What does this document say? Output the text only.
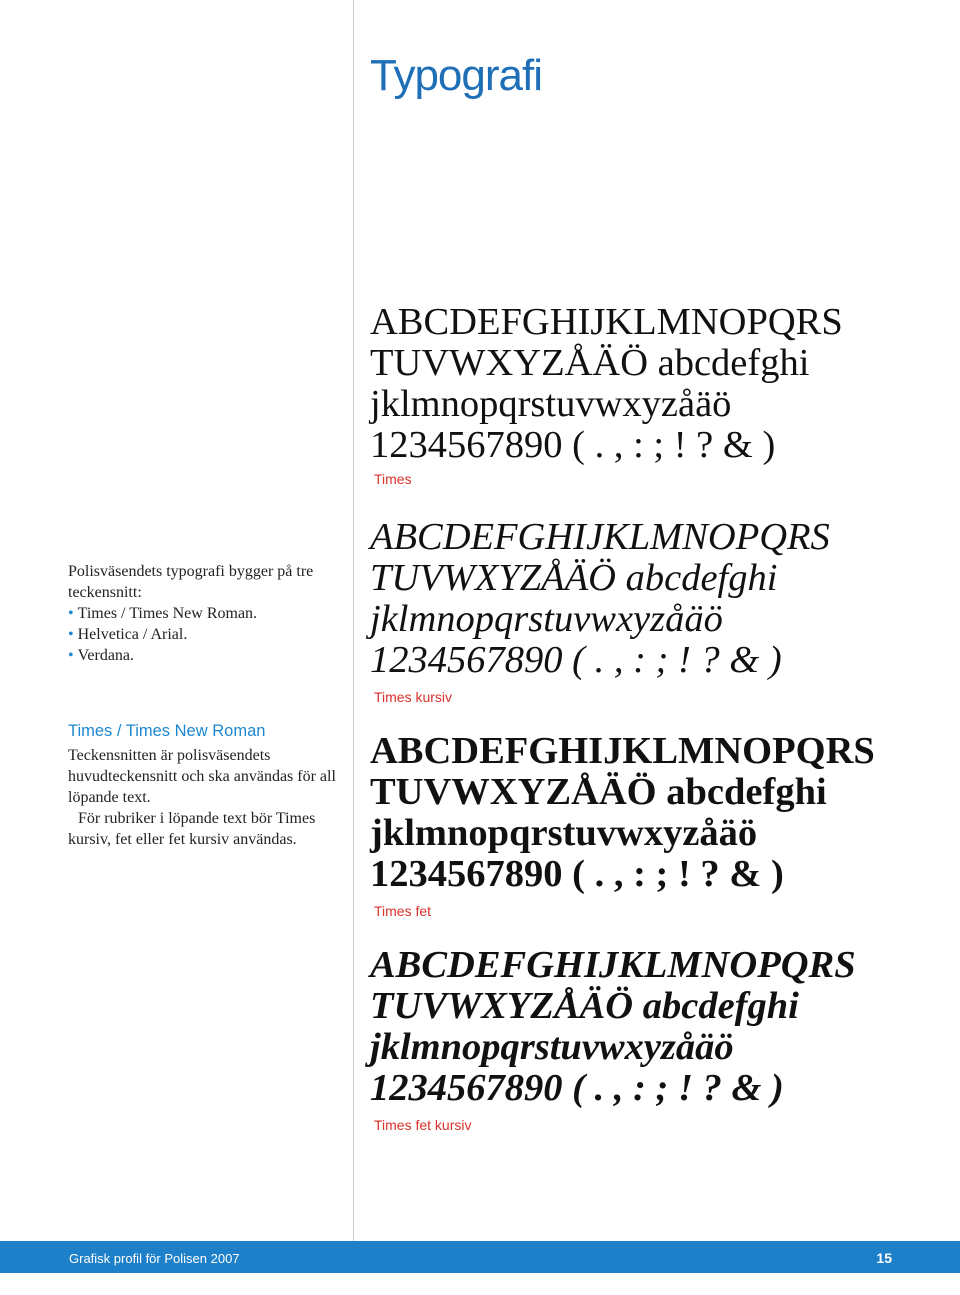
Typografi
Polisväsendets typografi bygger på tre teckensnitt:
• Times / Times New Roman.
• Helvetica / Arial.
• Verdana.
Times / Times New Roman

Teckensnitten är polisväsendets huvudteckensnitt och ska användas för all löpande text.

För rubriker i löpande text bör Times kursiv, fet eller fet kursiv användas.

ABCDEFGHIJKLMNOPQRS
TUVWXYZÅÄÖ abcdefghi
jklmnopqrstuvwxyzåäö
1234567890 ( . , : ; ! ? & )
Times
ABCDEFGHIJKLMNOPQRS
TUVWXYZÅÄÖ abcdefghi
jklmnopqrstuvwxyzåäö
1234567890 ( . , : ; ! ? & )
Times kursiv
ABCDEFGHIJKLMNOPQRS
TUVWXYZÅÄÖ abcdefghi
jklmnopqrstuvwxyzåäö
1234567890 ( . , : ; ! ? & )
Times fet
ABCDEFGHIJKLMNOPQRS
TUVWXYZÅÄÖ abcdefghi
jklmnopqrstuvwxyzåäö
1234567890 ( . , : ; ! ? & )
Times fet kursiv
Grafisk profil för Polisen 2007	15
